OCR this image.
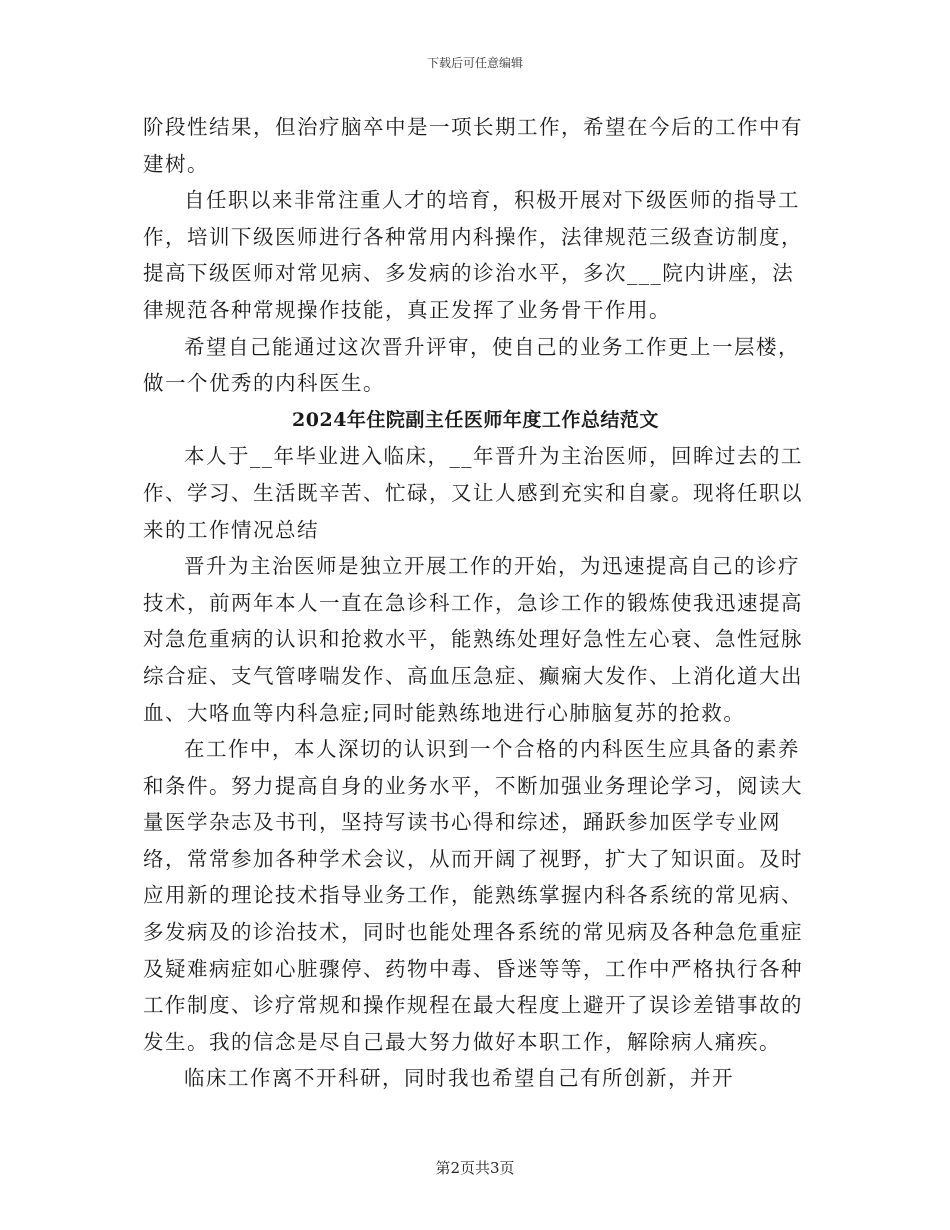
下载后可任意编辑

阶段性结果，但治疗脑卒中是一项长期工作，希望在今后的工作中有建树。

自任职以来非常注重人才的培育，积极开展对下级医师的指导工作，培训下级医师进行各种常用内科操作，法律规范三级查访制度，提高下级医师对常见病、多发病的诊治水平，多次___院内讲座，法律规范各种常规操作技能，真正发挥了业务骨干作用。

希望自己能通过这次晋升评审，使自己的业务工作更上一层楼，做一个优秀的内科医生。

2024年住院副主任医师年度工作总结范文

本人于__年毕业进入临床，__年晋升为主治医师，回眸过去的工作、学习、生活既辛苦、忙碌，又让人感到充实和自豪。现将任职以来的工作情况总结

晋升为主治医师是独立开展工作的开始，为迅速提高自己的诊疗技术，前两年本人一直在急诊科工作，急诊工作的锻炼使我迅速提高对急危重病的认识和抢救水平，能熟练处理好急性左心衰、急性冠脉综合症、支气管哮喘发作、高血压急症、癫痫大发作、上消化道大出血、大咯血等内科急症;同时能熟练地进行心肺脑复苏的抢救。

在工作中，本人深切的认识到一个合格的内科医生应具备的素养和条件。努力提高自身的业务水平，不断加强业务理论学习，阅读大量医学杂志及书刊，坚持写读书心得和综述，踊跃参加医学专业网络，常常参加各种学术会议，从而开阔了视野，扩大了知识面。及时应用新的理论技术指导业务工作，能熟练掌握内科各系统的常见病、多发病及的诊治技术，同时也能处理各系统的常见病及各种急危重症及疑难病症如心脏骤停、药物中毒、昏迷等等，工作中严格执行各种工作制度、诊疗常规和操作规程在最大程度上避开了误诊差错事故的发生。我的信念是尽自己最大努力做好本职工作，解除病人痛疾。

临床工作离不开科研，同时我也希望自己有所创新，并开

第2页共3页
